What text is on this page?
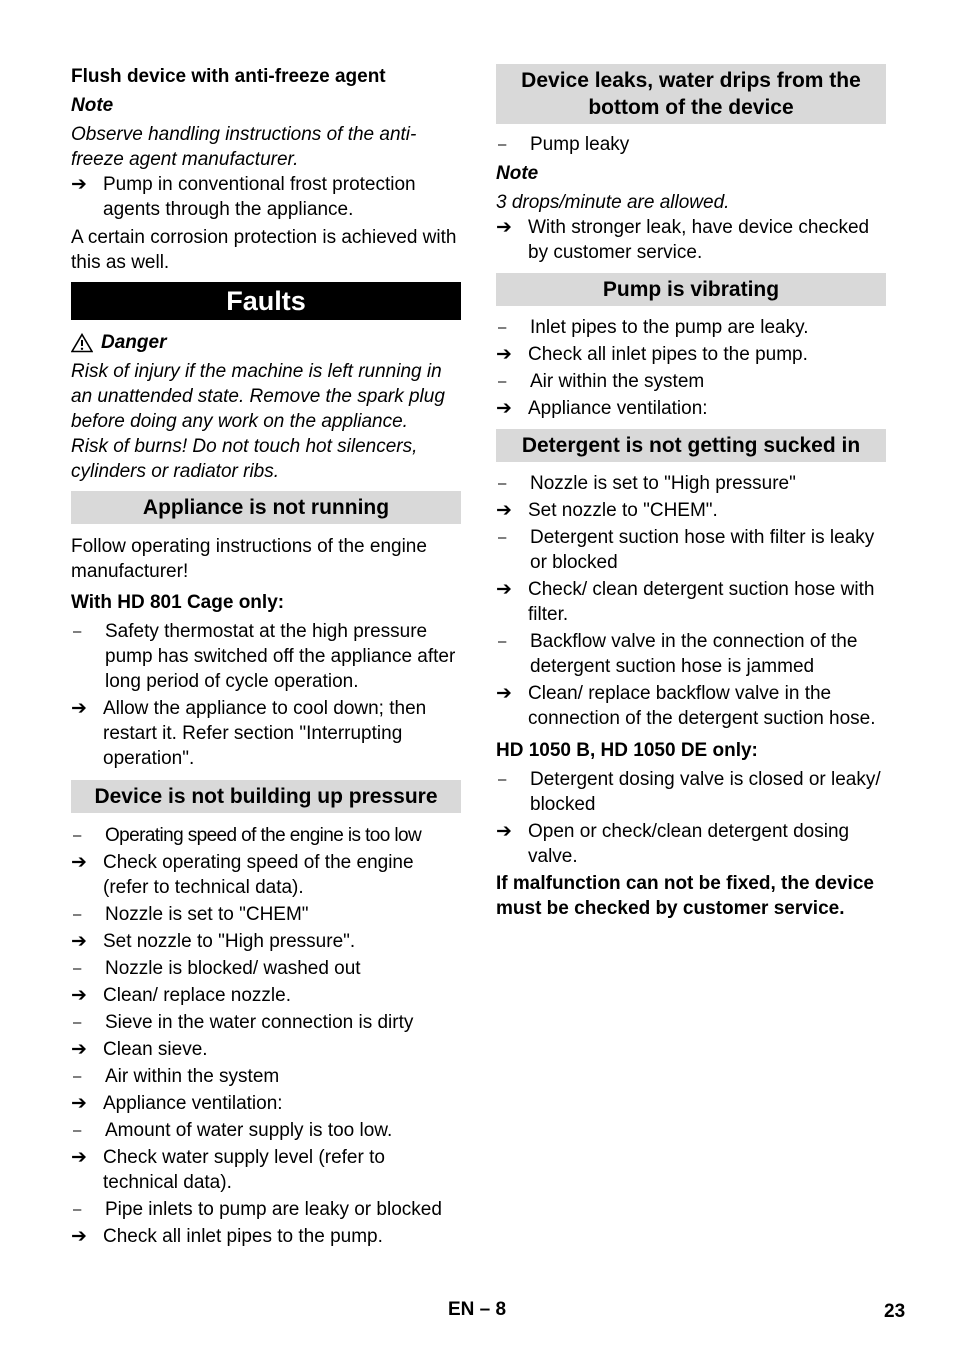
Flush device with anti-freeze agent
Note

Observe handling instructions of the anti-freeze agent manufacturer.

➔ Pump in conventional frost protection agents through the appliance.

A certain corrosion protection is achieved with this as well.

Faults
Danger

Risk of injury if the machine is left running in an unattended state. Remove the spark plug before doing any work on the appliance.

Risk of burns! Do not touch hot silencers, cylinders or radiator ribs.

Appliance is not running

Follow operating instructions of the engine manufacturer!

With HD 801 Cage only:
–	Safety thermostat at the high pressure pump has switched off the appliance after long period of cycle operation.
➔ Allow the appliance to cool down; then restart it. Refer section "Interrupting operation".
Device is not building up pressure
–	Operating speed of the engine is too low
➔ Check operating speed of the engine (refer to technical data).
–	Nozzle is set to "CHEM"
➔ Set nozzle to "High pressure".
–	Nozzle is blocked/ washed out
➔ Clean/ replace nozzle.
–	Sieve in the water connection is dirty
➔ Clean sieve.
–	Air within the system
➔ Appliance ventilation:
–	Amount of water supply is too low.
➔ Check water supply level (refer to technical data).
–	Pipe inlets to pump are leaky or blocked
➔ Check all inlet pipes to the pump.
Device leaks, water drips from the bottom of the device
–	Pump leaky
Note

3 drops/minute are allowed.

➔ With stronger leak, have device checked by customer service.
Pump is vibrating
–	Inlet pipes to the pump are leaky.
➔ Check all inlet pipes to the pump.
–	Air within the system
➔ Appliance ventilation:
Detergent is not getting sucked in
–	Nozzle is set to "High pressure"
➔ Set nozzle to "CHEM".
–	Detergent suction hose with filter is leaky or blocked
➔ Check/ clean detergent suction hose with filter.
–	Backflow valve in the connection of the detergent suction hose is jammed
➔ Clean/ replace backflow valve in the connection of the detergent suction hose.
HD 1050 B, HD 1050 DE only:
–	Detergent dosing valve is closed or leaky/ blocked
➔ Open or check/clean detergent dosing valve.

If malfunction can not be fixed, the device must be checked by customer service.

EN – 8	23
